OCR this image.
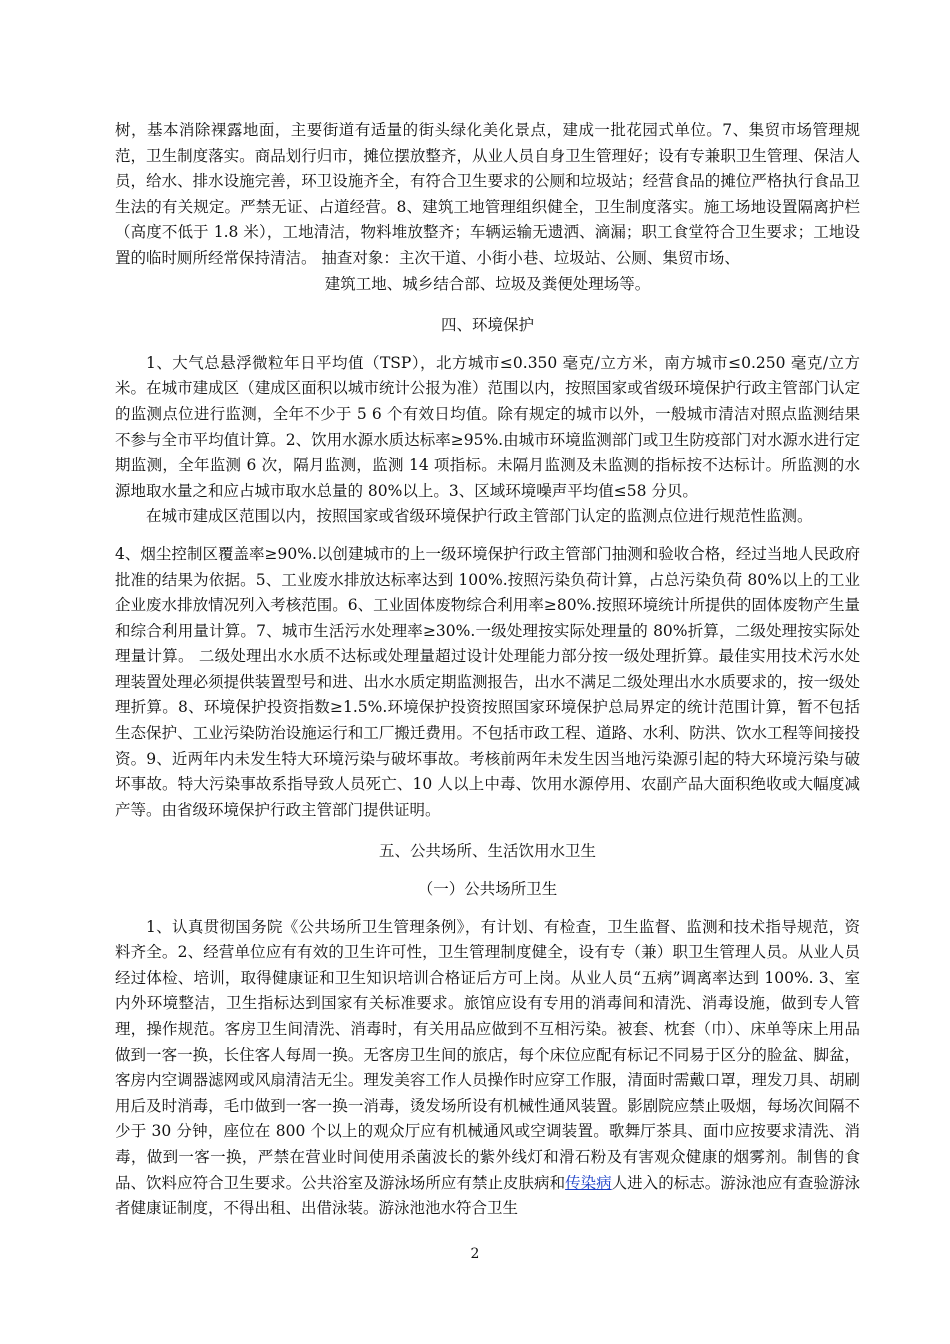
树，基本消除裸露地面，主要街道有适量的街头绿化美化景点，建成一批花园式单位。7、集贸市场管理规范，卫生制度落实。商品划行归市，摊位摆放整齐，从业人员自身卫生管理好；设有专兼职卫生管理、保洁人员，给水、排水设施完善，环卫设施齐全，有符合卫生要求的公厕和垃圾站；经营食品的摊位严格执行食品卫生法的有关规定。严禁无证、占道经营。8、建筑工地管理组织健全，卫生制度落实。施工场地设置隔离护栏（高度不低于 1.8 米），工地清洁，物料堆放整齐；车辆运输无遗洒、滴漏；职工食堂符合卫生要求；工地设置的临时厕所经常保持清洁。 抽查对象：主次干道、小街小巷、垃圾站、公厕、集贸市场、

建筑工地、城乡结合部、垃圾及粪便处理场等。

四、环境保护

1、大气总悬浮微粒年日平均值（TSP），北方城市≤0.350 毫克/立方米，南方城市≤0.250 毫克/立方米。在城市建成区（建成区面积以城市统计公报为准）范围以内，按照国家或省级环境保护行政主管部门认定的监测点位进行监测，全年不少于 5 6 个有效日均值。除有规定的城市以外，一般城市清洁对照点监测结果不参与全市平均值计算。2、饮用水源水质达标率≥95%.由城市环境监测部门或卫生防疫部门对水源水进行定期监测，全年监测 6 次，隔月监测，监测 14 项指标。未隔月监测及未监测的指标按不达标计。所监测的水源地取水量之和应占城市取水总量的 80%以上。3、区域环境噪声平均值≤58 分贝。

在城市建成区范围以内，按照国家或省级环境保护行政主管部门认定的监测点位进行规范性监测。

4、烟尘控制区覆盖率≥90%.以创建城市的上一级环境保护行政主管部门抽测和验收合格，经过当地人民政府批准的结果为依据。5、工业废水排放达标率达到 100%.按照污染负荷计算，占总污染负荷 80%以上的工业企业废水排放情况列入考核范围。6、工业固体废物综合利用率≥80%.按照环境统计所提供的固体废物产生量和综合利用量计算。7、城市生活污水处理率≥30%.一级处理按实际处理量的 80%折算，二级处理按实际处理量计算。 二级处理出水水质不达标或处理量超过设计处理能力部分按一级处理折算。最佳实用技术污水处理装置处理必须提供装置型号和进、出水水质定期监测报告，出水不满足二级处理出水水质要求的，按一级处理折算。8、环境保护投资指数≥1.5%.环境保护投资按照国家环境保护总局界定的统计范围计算，暂不包括生态保护、工业污染防治设施运行和工厂搬迁费用。不包括市政工程、道路、水利、防洪、饮水工程等间接投资。9、近两年内未发生特大环境污染与破坏事故。考核前两年未发生因当地污染源引起的特大环境污染与破坏事故。特大污染事故系指导致人员死亡、10 人以上中毒、饮用水源停用、农副产品大面积绝收或大幅度减产等。由省级环境保护行政主管部门提供证明。

五、公共场所、生活饮用水卫生

（一）公共场所卫生

1、认真贯彻国务院《公共场所卫生管理条例》，有计划、有检查，卫生监督、监测和技术指导规范，资料齐全。2、经营单位应有有效的卫生许可性，卫生管理制度健全，设有专（兼）职卫生管理人员。从业人员经过体检、培训，取得健康证和卫生知识培训合格证后方可上岗。从业人员“五病”调离率达到 100%. 3、室内外环境整洁，卫生指标达到国家有关标准要求。旅馆应设有专用的消毒间和清洗、消毒设施，做到专人管理，操作规范。客房卫生间清洗、消毒时，有关用品应做到不互相污染。被套、枕套（巾）、床单等床上用品做到一客一换，长住客人每周一换。无客房卫生间的旅店，每个床位应配有标记不同易于区分的脸盆、脚盆，客房内空调器滤网或风扇清洁无尘。理发美容工作人员操作时应穿工作服，清面时需戴口罩，理发刀具、胡刷用后及时消毒，毛巾做到一客一换一消毒，烫发场所设有机械性通风装置。影剧院应禁止吸烟，每场次间隔不少于 30 分钟，座位在 800 个以上的观众厅应有机械通风或空调装置。歌舞厅茶具、面巾应按要求清洗、消毒，做到一客一换，严禁在营业时间使用杀菌波长的紫外线灯和滑石粉及有害观众健康的烟雾剂。制售的食品、饮料应符合卫生要求。公共浴室及游泳场所应有禁止皮肤病和传染病人进入的标志。游泳池应有查验游泳者健康证制度，不得出租、出借泳装。游泳池池水符合卫生

2
